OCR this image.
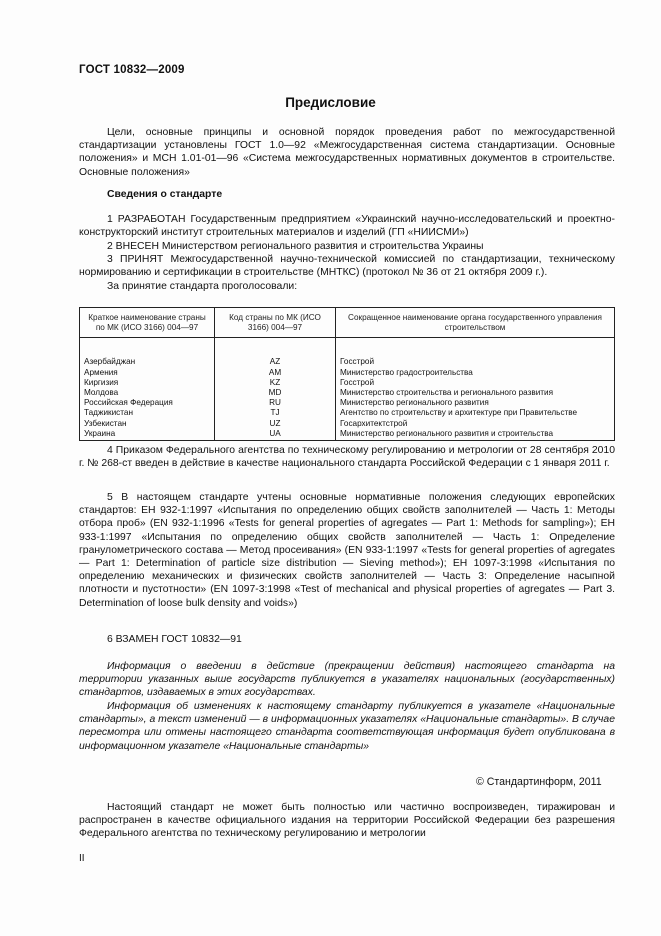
ГОСТ 10832—2009
Предисловие

Цели, основные принципы и основной порядок проведения работ по межгосударственной стандартизации установлены ГОСТ 1.0—92 «Межгосударственная система стандартизации. Основные положения» и МСН 1.01-01—96 «Система межгосударственных нормативных документов в строительстве. Основные положения»

Сведения о стандарте

1 РАЗРАБОТАН Государственным предприятием «Украинский научно-исследовательский и проектно-конструкторский институт строительных материалов и изделий (ГП «НИИСМИ»)

2 ВНЕСЕН Министерством регионального развития и строительства Украины

3 ПРИНЯТ Межгосударственной научно-технической комиссией по стандартизации, техническому нормированию и сертификации в строительстве (МНТКС) (протокол № 36 от 21 октября 2009 г.).

За принятие стандарта проголосовали:

Краткое наименование страны по МК (ИСО 3166) 004—97	Код страны по МК (ИСО 3166) 004—97	Сокращенное наименование органа государственного управления строительством
Азербайджан	AZ	Госстрой
Армения	AM	Министерство градостроительства
Киргизия	KZ	Госстрой
Молдова	MD	Министерство строительства и регионального развития
Российская Федерация	RU	Министерство регионального развития
Таджикистан	TJ	Агентство по строительству и архитектуре при Правительстве
Узбекистан	UZ	Госархитектстрой
Украина	UA	Министерство регионального развития и строительства

4 Приказом Федерального агентства по техническому регулированию и метрологии от 28 сентября 2010 г. № 268-ст введен в действие в качестве национального стандарта Российской Федерации с 1 января 2011 г.

5 В настоящем стандарте учтены основные нормативные положения следующих европейских стандартов: ЕН 932-1:1997 «Испытания по определению общих свойств заполнителей — Часть 1: Методы отбора проб» (EN 932-1:1996 «Tests for general properties of agregates — Part 1: Methods for sampling»); ЕН 933-1:1997 «Испытания по определению общих свойств заполнителей — Часть 1: Определение гранулометрического состава — Метод просеивания» (EN 933-1:1997 «Tests for general properties of agregates — Part 1: Determination of particle size distribution — Sieving method»); ЕН 1097-3:1998 «Испытания по определению механических и физических свойств заполнителей — Часть 3: Определение насыпной плотности и пустотности» (EN 1097-3:1998 «Test of mechanical and physical properties of agregates — Part 3. Determination of loose bulk density and voids»)

6 ВЗАМЕН ГОСТ 10832—91

Информация о введении в действие (прекращении действия) настоящего стандарта на территории указанных выше государств публикуется в указателях национальных (государственных) стандартов, издаваемых в этих государствах.

Информация об изменениях к настоящему стандарту публикуется в указателе «Национальные стандарты», а текст изменений — в информационных указателях «Национальные стандарты». В случае пересмотра или отмены настоящего стандарта соответствующая информация будет опубликована в информационном указателе «Национальные стандарты»

© Стандартинформ, 2011

Настоящий стандарт не может быть полностью или частично воспроизведен, тиражирован и распространен в качестве официального издания на территории Российской Федерации без разрешения Федерального агентства по техническому регулированию и метрологии

II
